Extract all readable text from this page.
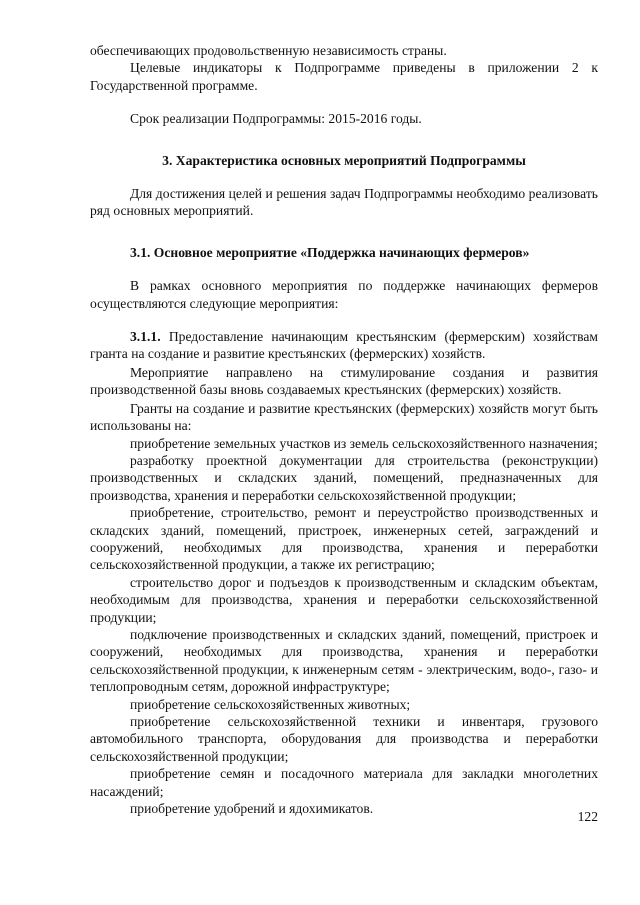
обеспечивающих продовольственную независимость страны.

Целевые индикаторы к Подпрограмме приведены в приложении 2 к Государственной программе.

Срок реализации Подпрограммы: 2015-2016 годы.

3. Характеристика основных мероприятий Подпрограммы

Для достижения целей и решения задач Подпрограммы необходимо реализовать ряд основных мероприятий.

3.1. Основное мероприятие «Поддержка начинающих фермеров»

В рамках основного мероприятия по поддержке начинающих фермеров осуществляются следующие мероприятия:

3.1.1. Предоставление начинающим крестьянским (фермерским) хозяйствам гранта на создание и развитие крестьянских (фермерских) хозяйств.

Мероприятие направлено на стимулирование создания и развития производственной базы вновь создаваемых крестьянских (фермерских) хозяйств.

Гранты на создание и развитие крестьянских (фермерских) хозяйств могут быть использованы на:

приобретение земельных участков из земель сельскохозяйственного назначения;

разработку проектной документации для строительства (реконструкции) производственных и складских зданий, помещений, предназначенных для производства, хранения и переработки сельскохозяйственной продукции;

приобретение, строительство, ремонт и переустройство производственных и складских зданий, помещений, пристроек, инженерных сетей, заграждений и сооружений, необходимых для производства, хранения и переработки сельскохозяйственной продукции, а также их регистрацию;

строительство дорог и подъездов к производственным и складским объектам, необходимым для производства, хранения и переработки сельскохозяйственной продукции;

подключение производственных и складских зданий, помещений, пристроек и сооружений, необходимых для производства, хранения и переработки сельскохозяйственной продукции, к инженерным сетям - электрическим, водо-, газо- и теплопроводным сетям, дорожной инфраструктуре;

приобретение сельскохозяйственных животных;

приобретение сельскохозяйственной техники и инвентаря, грузового автомобильного транспорта, оборудования для производства и переработки сельскохозяйственной продукции;

приобретение семян и посадочного материала для закладки многолетних насаждений;

приобретение удобрений и ядохимикатов.

122
